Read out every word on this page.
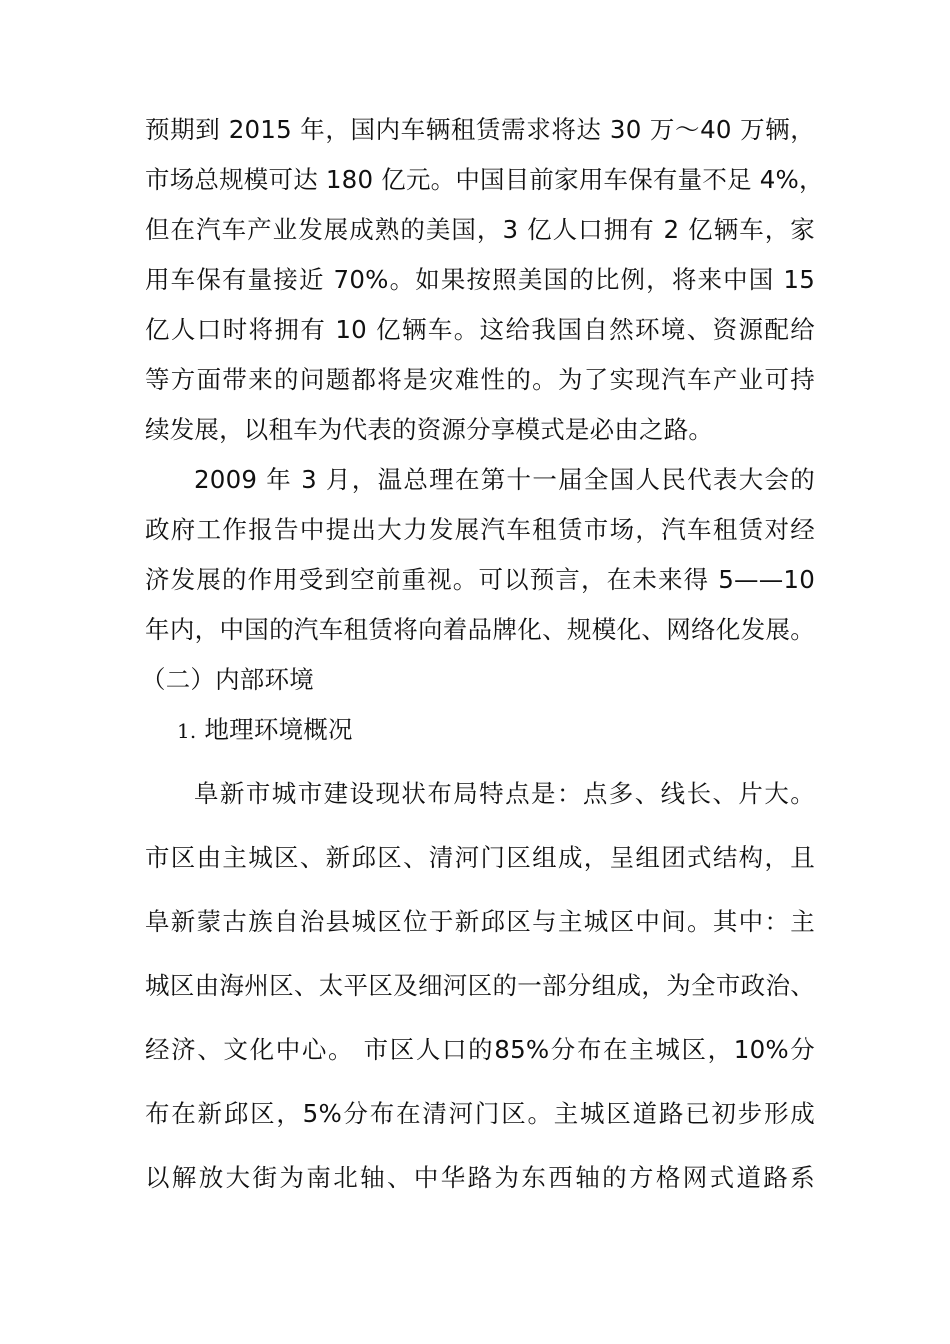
预期到 2015 年，国内车辆租赁需求将达 30 万～40 万辆，
市场总规模可达 180 亿元。中国目前家用车保有量不足 4%，
但在汽车产业发展成熟的美国，3 亿人口拥有 2 亿辆车，家
用车保有量接近 70%。如果按照美国的比例，将来中国 15
亿人口时将拥有 10 亿辆车。这给我国自然环境、资源配给
等方面带来的问题都将是灾难性的。为了实现汽车产业可持
续发展，以租车为代表的资源分享模式是必由之路。
2009 年 3 月，温总理在第十一届全国人民代表大会的
政府工作报告中提出大力发展汽车租赁市场，汽车租赁对经
济发展的作用受到空前重视。可以预言，在未来得 5——10
年内，中国的汽车租赁将向着品牌化、规模化、网络化发展。
（二）内部环境
1. 地理环境概况
阜新市城市建设现状布局特点是：点多、线长、片大。
市区由主城区、新邱区、清河门区组成，呈组团式结构，且
阜新蒙古族自治县城区位于新邱区与主城区中间。其中：主
城区由海州区、太平区及细河区的一部分组成，为全市政治、
经济、文化中心。 市区人口的85%分布在主城区，10%分
布在新邱区，5%分布在清河门区。主城区道路已初步形成
以解放大街为南北轴、中华路为东西轴的方格网式道路系
